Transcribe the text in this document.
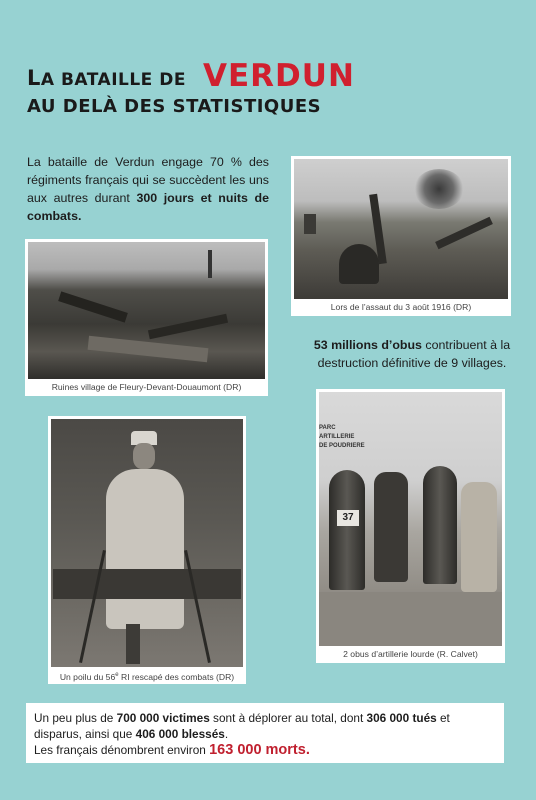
LA BATAILLE DE VERDUN
AU DELÀ DES STATISTIQUES

La bataille de Verdun engage 70 % des régiments français qui se succèdent les uns aux autres durant 300 jours et nuits de combats.

Lors de l’assaut du 3 août 1916 (DR)
Ruines village de Fleury-Devant-Douaumont (DR)

53 millions d’obus contribuent à la destruction définitive de 9 villages.

Un poilu du 56e RI rescapé des combats (DR)
PARC ARTILLERIE
DE POUDRIERE
37
2 obus d’artillerie lourde (R. Calvet)

Un peu plus de 700 000 victimes sont à déplorer au total, dont 306 000 tués et disparus, ainsi que 406 000 blessés.

Les français dénombrent environ 163 000 morts.
